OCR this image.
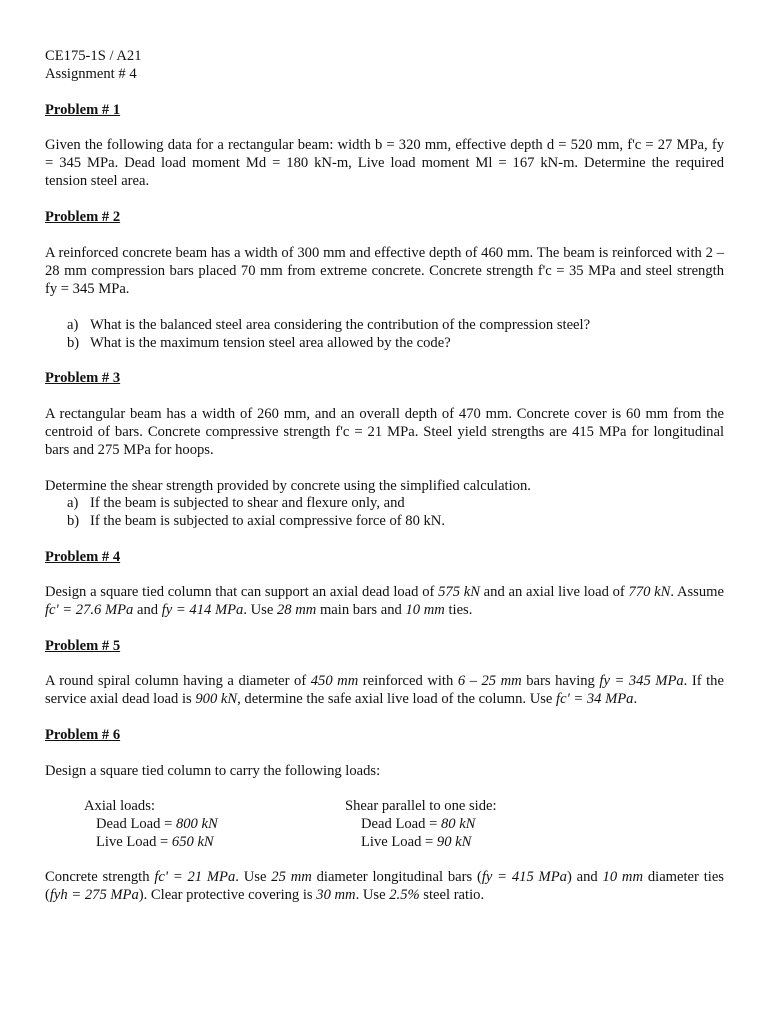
CE175-1S / A21
Assignment # 4
Problem # 1

Given the following data for a rectangular beam: width b = 320 mm, effective depth d = 520 mm, f'c = 27 MPa, fy = 345 MPa. Dead load moment Md = 180 kN-m, Live load moment Ml = 167 kN-m. Determine the required tension steel area.

Problem # 2

A reinforced concrete beam has a width of 300 mm and effective depth of 460 mm. The beam is reinforced with 2 – 28 mm compression bars placed 70 mm from extreme concrete. Concrete strength f'c = 35 MPa and steel strength fy = 345 MPa.

a) What is the balanced steel area considering the contribution of the compression steel?
b) What is the maximum tension steel area allowed by the code?
Problem # 3

A rectangular beam has a width of 260 mm, and an overall depth of 470 mm. Concrete cover is 60 mm from the centroid of bars. Concrete compressive strength f'c = 21 MPa. Steel yield strengths are 415 MPa for longitudinal bars and 275 MPa for hoops.

Determine the shear strength provided by concrete using the simplified calculation.
a) If the beam is subjected to shear and flexure only, and
b) If the beam is subjected to axial compressive force of 80 kN.
Problem # 4

Design a square tied column that can support an axial dead load of 575 kN and an axial live load of 770 kN. Assume fc' = 27.6 MPa and fy = 414 MPa. Use 28 mm main bars and 10 mm ties.

Problem # 5

A round spiral column having a diameter of 450 mm reinforced with 6 – 25 mm bars having fy = 345 MPa. If the service axial dead load is 900 kN, determine the safe axial live load of the column. Use fc' = 34 MPa.

Problem # 6
Design a square tied column to carry the following loads:
Axial loads:
Dead Load = 800 kN
Live Load = 650 kN
Shear parallel to one side:
Dead Load = 80 kN
Live Load = 90 kN

Concrete strength fc' = 21 MPa. Use 25 mm diameter longitudinal bars (fy = 415 MPa) and 10 mm diameter ties (fyh = 275 MPa). Clear protective covering is 30 mm. Use 2.5% steel ratio.
